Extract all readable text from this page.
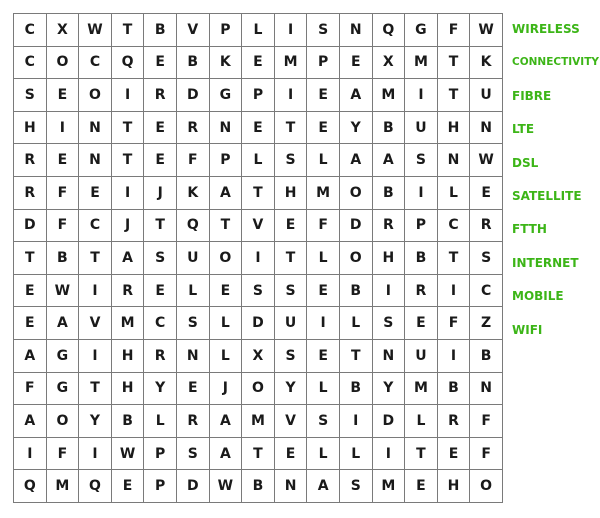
C	X	W	T	B	V	P	L	I	S	N	Q	G	F	W
C	O	C	Q	E	B	K	E	M	P	E	X	M	T	K
S	E	O	I	R	D	G	P	I	E	A	M	I	T	U
H	I	N	T	E	R	N	E	T	E	Y	B	U	H	N
R	E	N	T	E	F	P	L	S	L	A	A	S	N	W
R	F	E	I	J	K	A	T	H	M	O	B	I	L	E
D	F	C	J	T	Q	T	V	E	F	D	R	P	C	R
T	B	T	A	S	U	O	I	T	L	O	H	B	T	S
E	W	I	R	E	L	E	S	S	E	B	I	R	I	C
E	A	V	M	C	S	L	D	U	I	L	S	E	F	Z
A	G	I	H	R	N	L	X	S	E	T	N	U	I	B
F	G	T	H	Y	E	J	O	Y	L	B	Y	M	B	N
A	O	Y	B	L	R	A	M	V	S	I	D	L	R	F
I	F	I	W	P	S	A	T	E	L	L	I	T	E	F
Q	M	Q	E	P	D	W	B	N	A	S	M	E	H	O
WIRELESS
CONNECTIVITY
FIBRE
LTE
DSL
SATELLITE
FTTH
INTERNET
MOBILE
WIFI
